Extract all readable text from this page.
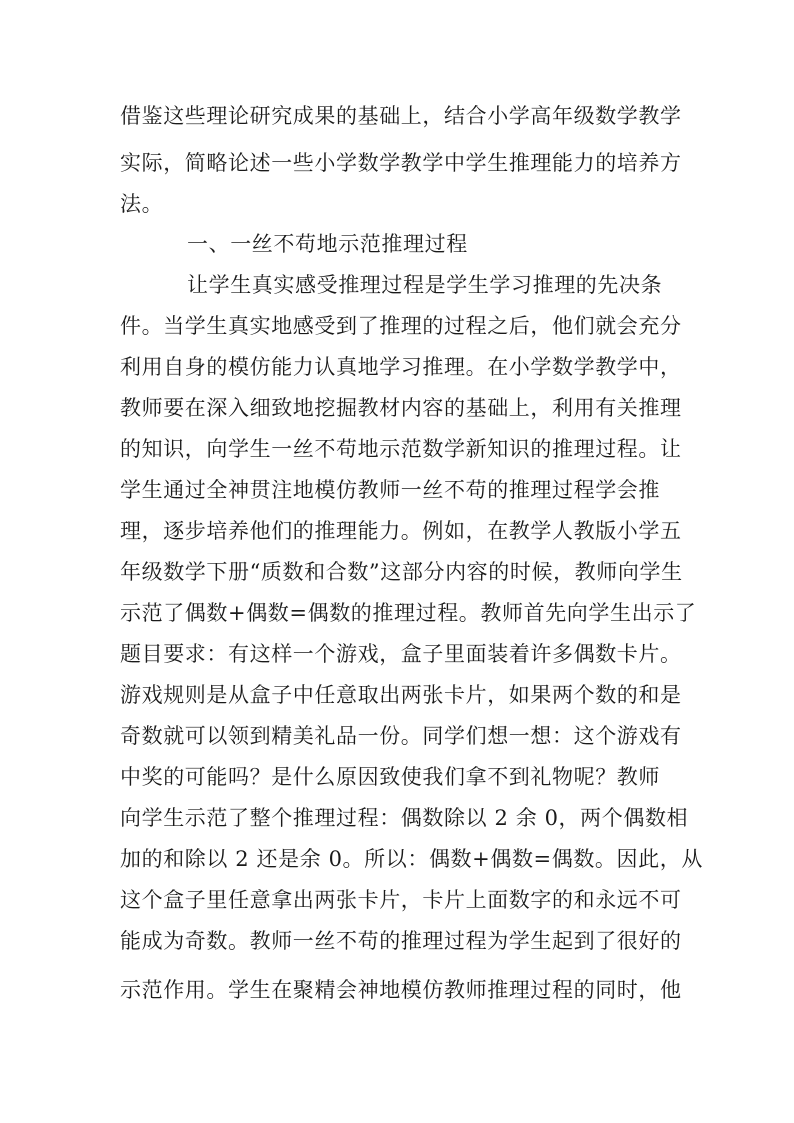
借鉴这些理论研究成果的基础上，结合小学高年级数学教学
实际，简略论述一些小学数学教学中学生推理能力的培养方
法。
一、一丝不苟地示范推理过程
让学生真实感受推理过程是学生学习推理的先决条
件。当学生真实地感受到了推理的过程之后，他们就会充分
利用自身的模仿能力认真地学习推理。在小学数学教学中，
教师要在深入细致地挖掘教材内容的基础上，利用有关推理
的知识，向学生一丝不苟地示范数学新知识的推理过程。让
学生通过全神贯注地模仿教师一丝不苟的推理过程学会推
理，逐步培养他们的推理能力。例如，在教学人教版小学五
年级数学下册“质数和合数”这部分内容的时候，教师向学生
示范了偶数+偶数=偶数的推理过程。教师首先向学生出示了
题目要求：有这样一个游戏，盒子里面装着许多偶数卡片。
游戏规则是从盒子中任意取出两张卡片，如果两个数的和是
奇数就可以领到精美礼品一份。同学们想一想：这个游戏有
中奖的可能吗？是什么原因致使我们拿不到礼物呢？教师
向学生示范了整个推理过程：偶数除以 2 余 0，两个偶数相
加的和除以 2 还是余 0。所以：偶数+偶数=偶数。因此，从
这个盒子里任意拿出两张卡片，卡片上面数字的和永远不可
能成为奇数。教师一丝不苟的推理过程为学生起到了很好的
示范作用。学生在聚精会神地模仿教师推理过程的同时，他
